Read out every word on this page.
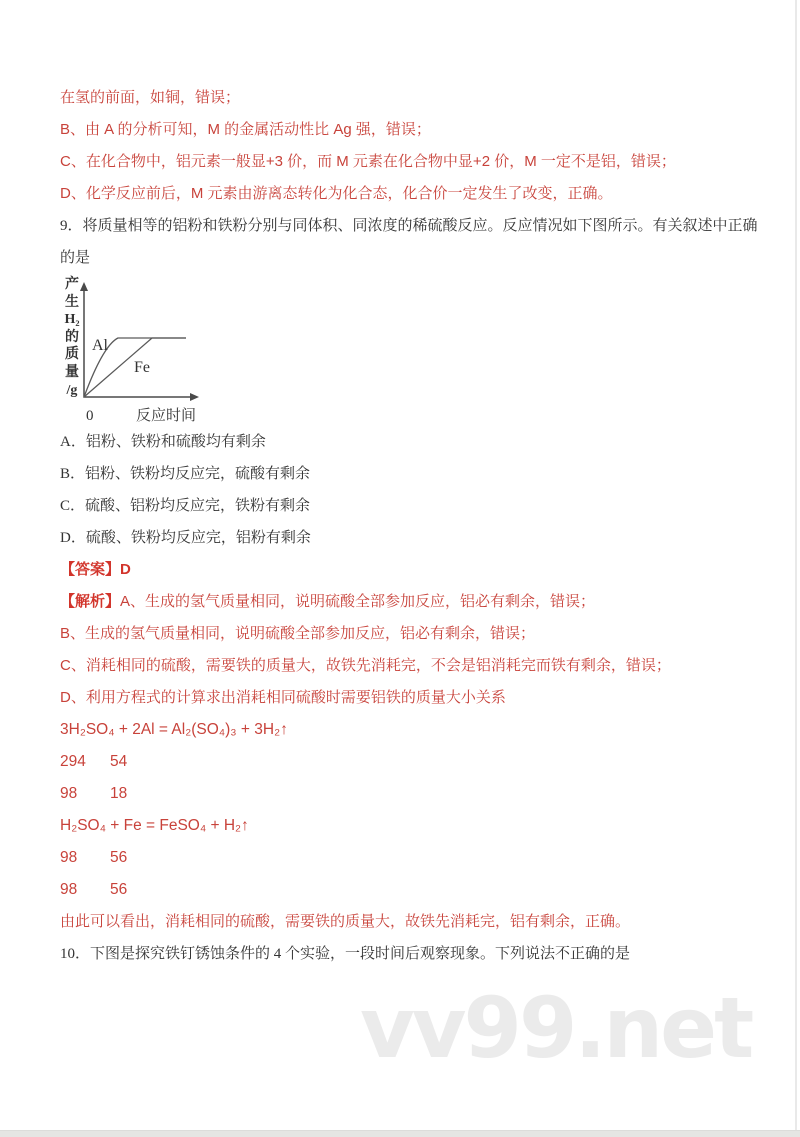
在氢的前面，如铜，错误；
B、由 A 的分析可知，M 的金属活动性比 Ag 强，错误；
C、在化合物中，铝元素一般显+3 价，而 M 元素在化合物中显+2 价，M 一定不是铝，错误；
D、化学反应前后，M 元素由游离态转化为化合态，化合价一定发生了改变，正确。
9．将质量相等的铝粉和铁粉分别与同体积、同浓度的稀硫酸反应。反应情况如下图所示。有关叙述中正确
的是
产
生
H₂
的
质
量
/g
Al
Fe
0	反应时间
A．铝粉、铁粉和硫酸均有剩余
B．铝粉、铁粉均反应完，硫酸有剩余
C．硫酸、铝粉均反应完，铁粉有剩余
D．硫酸、铁粉均反应完，铝粉有剩余
【答案】D
【解析】A、生成的氢气质量相同，说明硫酸全部参加反应，铝必有剩余，错误；
B、生成的氢气质量相同，说明硫酸全部参加反应，铝必有剩余，错误；
C、消耗相同的硫酸，需要铁的质量大，故铁先消耗完，不会是铝消耗完而铁有剩余，错误；
D、利用方程式的计算求出消耗相同硫酸时需要铝铁的质量大小关系
3H₂SO₄ + 2Al = Al₂(SO₄)₃ + 3H₂↑
294 54
98 18
H₂SO₄ + Fe = FeSO₄ + H₂↑
98 56
98 56
由此可以看出，消耗相同的硫酸，需要铁的质量大，故铁先消耗完，铝有剩余，正确。
10．下图是探究铁钉锈蚀条件的 4 个实验，一段时间后观察现象。下列说法不正确的是
vv99.net
